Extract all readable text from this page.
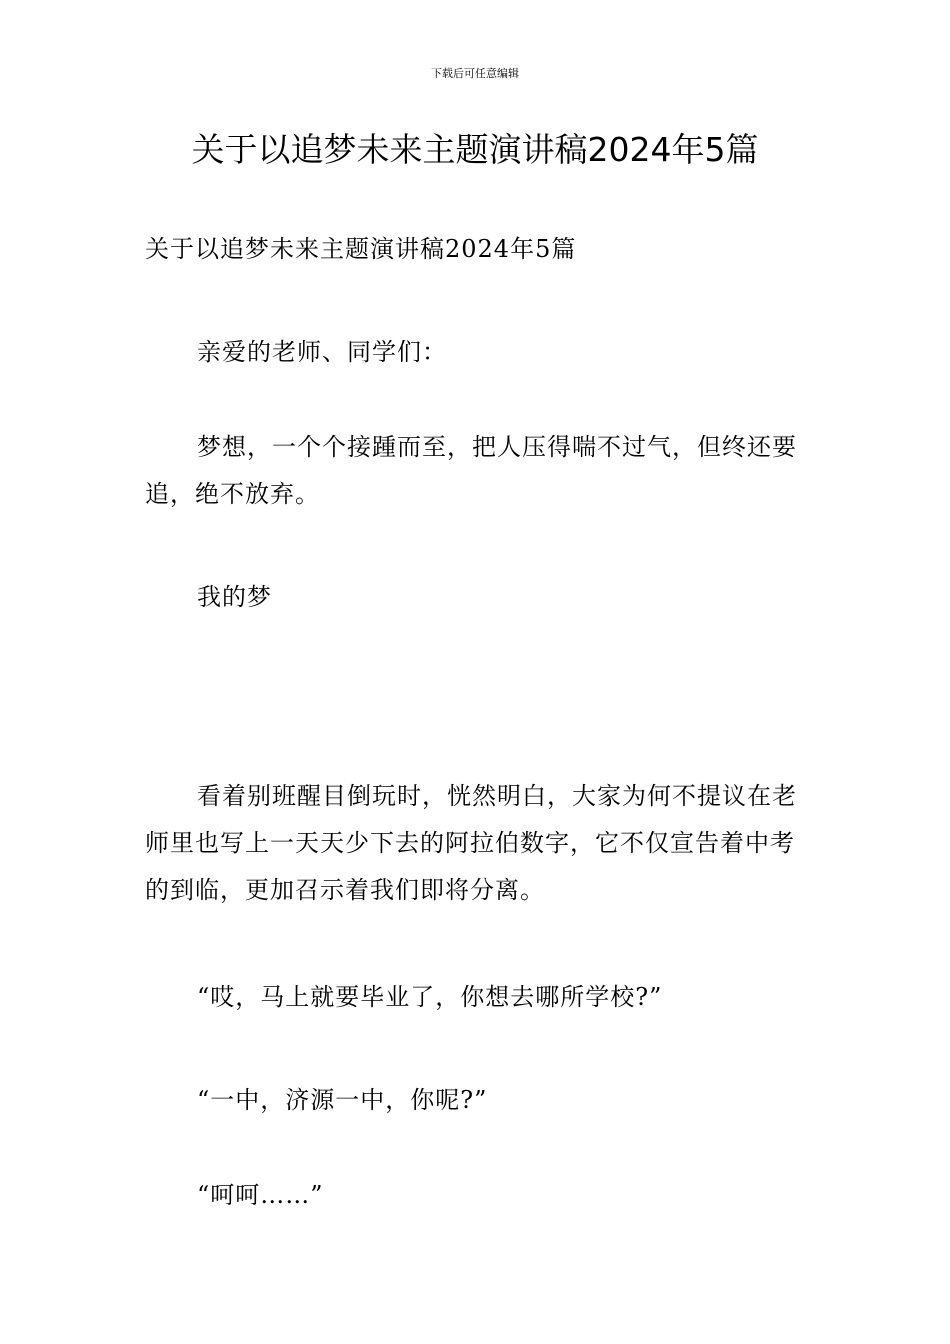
下载后可任意编辑
关于以追梦未来主题演讲稿2024年5篇

关于以追梦未来主题演讲稿2024年5篇

亲爱的老师、同学们：

梦想，一个个接踵而至，把人压得喘不过气，但终还要追，绝不放弃。

我的梦

看着别班醒目倒玩时，恍然明白，大家为何不提议在老师里也写上一天天少下去的阿拉伯数字，它不仅宣告着中考的到临，更加召示着我们即将分离。

“哎，马上就要毕业了，你想去哪所学校?”

“一中，济源一中，你呢?”

“呵呵……”
